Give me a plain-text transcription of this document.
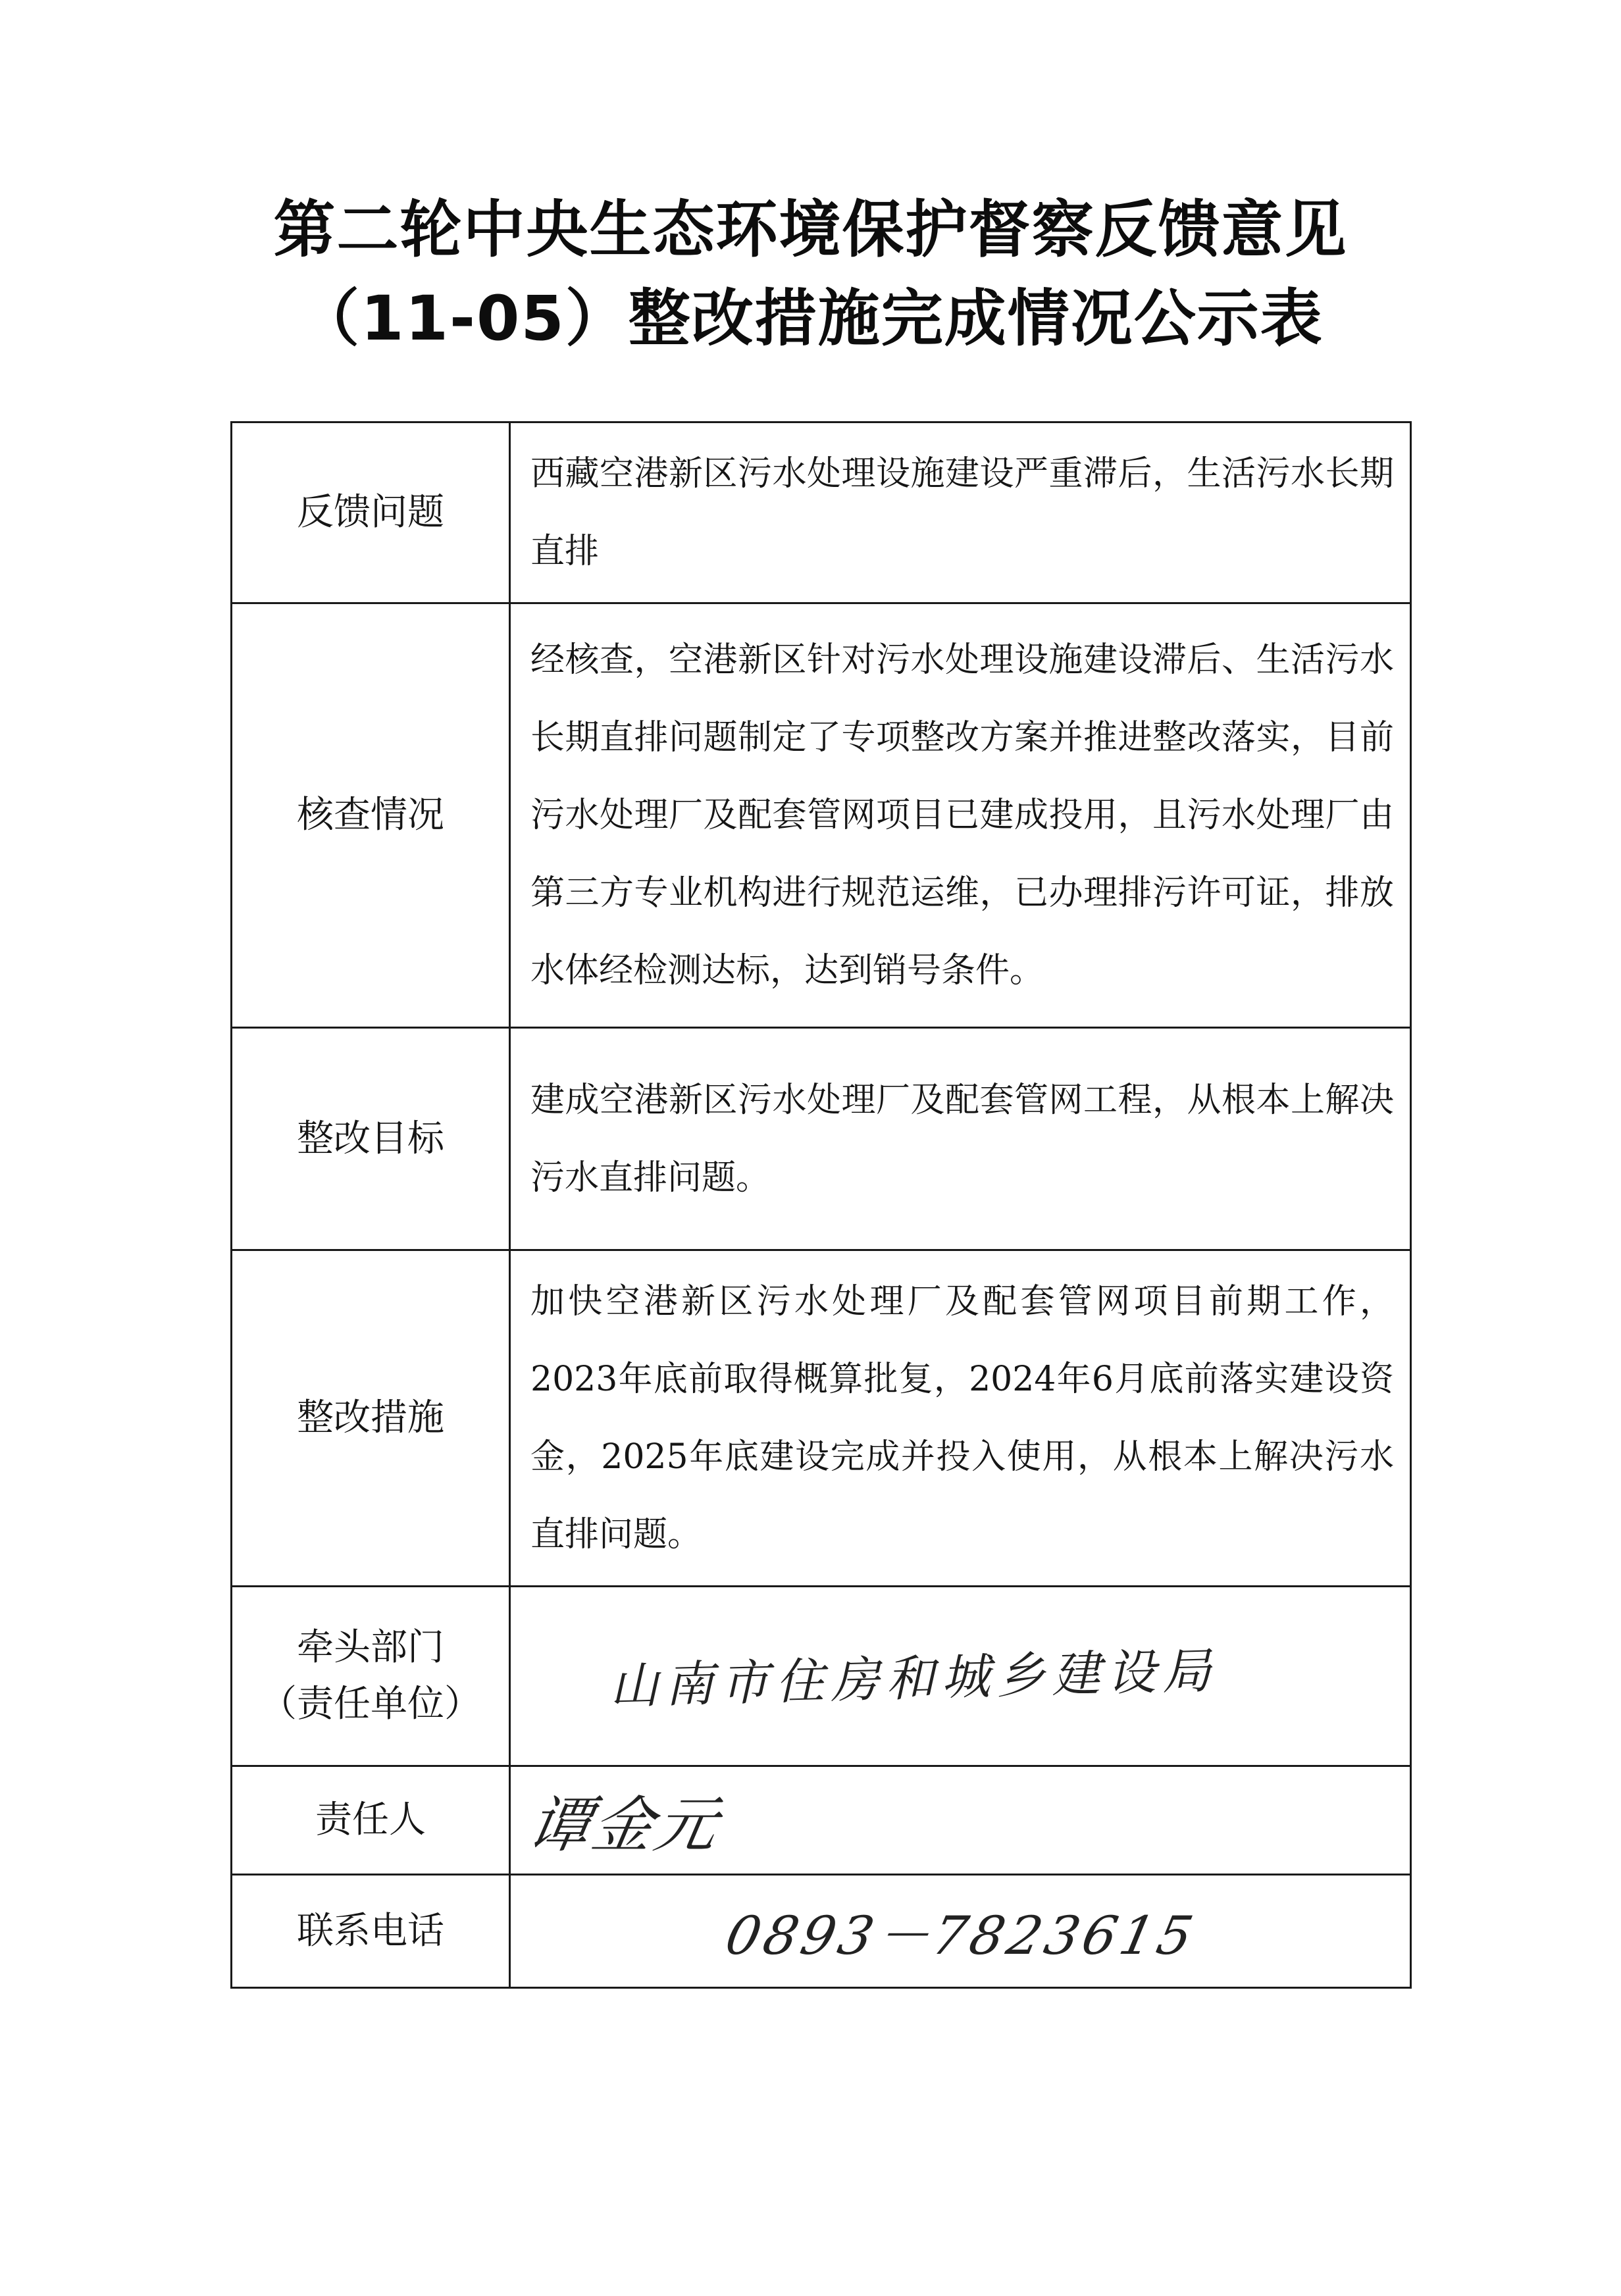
第二轮中央生态环境保护督察反馈意见
（11-05）整改措施完成情况公示表
反馈问题	西藏空港新区污水处理设施建设严重滞后，生活污水长期直排
核查情况	经核查，空港新区针对污水处理设施建设滞后、生活污水长期直排问题制定了专项整改方案并推进整改落实，目前污水处理厂及配套管网项目已建成投用，且污水处理厂由第三方专业机构进行规范运维，已办理排污许可证，排放水体经检测达标，达到销号条件。
整改目标	建成空港新区污水处理厂及配套管网工程，从根本上解决污水直排问题。
整改措施	加快空港新区污水处理厂及配套管网项目前期工作，2023年底前取得概算批复，2024年6月底前落实建设资金，2025年底建设完成并投入使用，从根本上解决污水直排问题。

牵头部门
（责任单位）	山南市住房和城乡建设局
责任人	谭金元
联系电话	0893－7823615
